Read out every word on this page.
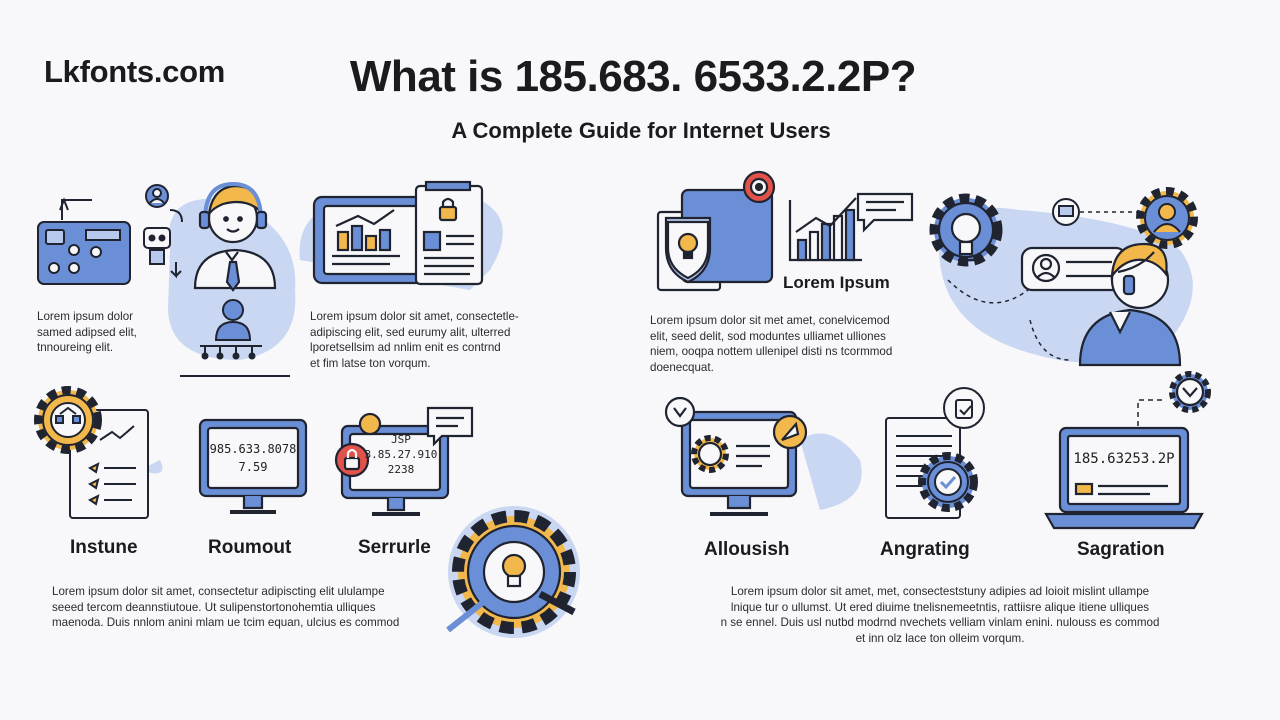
Lkfonts.com	What is 185.683. 6533.2.2P?
A Complete Guide for Internet Users
Lorem ipsum dolor
samed adipsed elit,
tnnoureing elit.
Lorem ipsum dolor sit amet, consectetle-
adipiscing elit, sed eurumy alit, ulterred
lporetsellsim ad nnlim enit es contrnd
et fim latse ton vorqum.
Lorem Ipsum
Lorem ipsum dolor sit met amet, conelvicemod
elit, seed delit, sod moduntes ulliamet ulliones
niem, ooqpa nottem ullenipel disti ns tcormmod
doenecquat.
985.633.8078
7.59
JSP
3.85.27.910
2238
185.63253.2P
Instune	Roumout	Serrurle	Allousish	Angrating	Sagration
Lorem ipsum dolor sit amet, consectetur adipiscting elit ululampe
seeed tercom deannstiutoue. Ut sulipenstortonohemtia ulliques
maenoda. Duis nnlom anini mlam ue tcim equan, ulcius es commod
Lorem ipsum dolor sit amet, met, consecteststuny adipies ad loioit mislint ullampe
lnique tur o ullumst. Ut ered diuime tnelisnemeetntis, rattiisre alique itiene ulliques
n se ennel. Duis usl nutbd modrnd nvechets velliam vinlam enini. nulouss es commod
et inn olz lace ton olleim vorqum.
